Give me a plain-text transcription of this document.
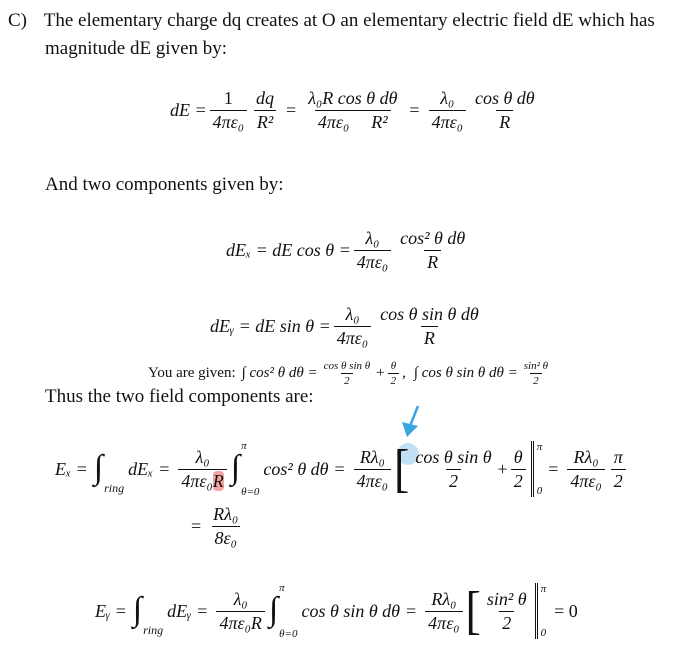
C) The elementary charge dq creates at O an elementary electric field dE which has
magnitude dE given by:
dE = $\frac{1}{\text{4πε₀}} \frac{dq}{\text{R²}} = \frac{\text{λ₀R cos θ dθ}}{\text{4πε₀ R²}} = \frac{\text{λ₀}}{\text{4πε₀}} \frac{\text{cos θ dθ}}{R}$
And two components given by:
dEₓ = dE $\cos \theta = \frac{\text{λ₀}}{\text{4πε₀}} \frac{\text{cos² θ dθ}}{R}$
dEᵧ = dE $\sin \theta = \frac{\text{λ₀}}{\text{4πε₀}} \frac{\text{cos θ sin θ dθ}}{R}$
You are given: ∫ cos² θ $d\theta = \frac{\text{cos θ sin θ}}{2} + \frac{\theta}{2}$ , ∫ cos θ sin θ $d\theta = \frac{\text{sin² θ}}{2}$
Thus the two field components are:
Eₓ = ∫
ring
$dE_x = \frac{\text{λ₀}}{\text{4πε₀R}}$ ∫
π
θ=0
cos² θ $d\theta = \frac{\text{Rλ₀}}{\text{4πε₀}}$ [ $\frac{\text{cos θ sin θ}}{2} + \frac{\theta}{2}$ π
0
= $\frac{\text{Rλ₀}}{\text{4πε₀}} \frac{\pi}{2}$
= $\frac{\text{Rλ₀}}{\text{8ε₀}}$
Eᵧ = ∫
ring
dEᵧ = $\frac{\text{λ₀}}{\text{4πε₀R}}$ ∫
π
θ=0
cos θ sin θ $d\theta = \frac{\text{Rλ₀}}{\text{4πε₀}}$ [ $\frac{\text{sin² θ}}{2}$ π
0
= 0
